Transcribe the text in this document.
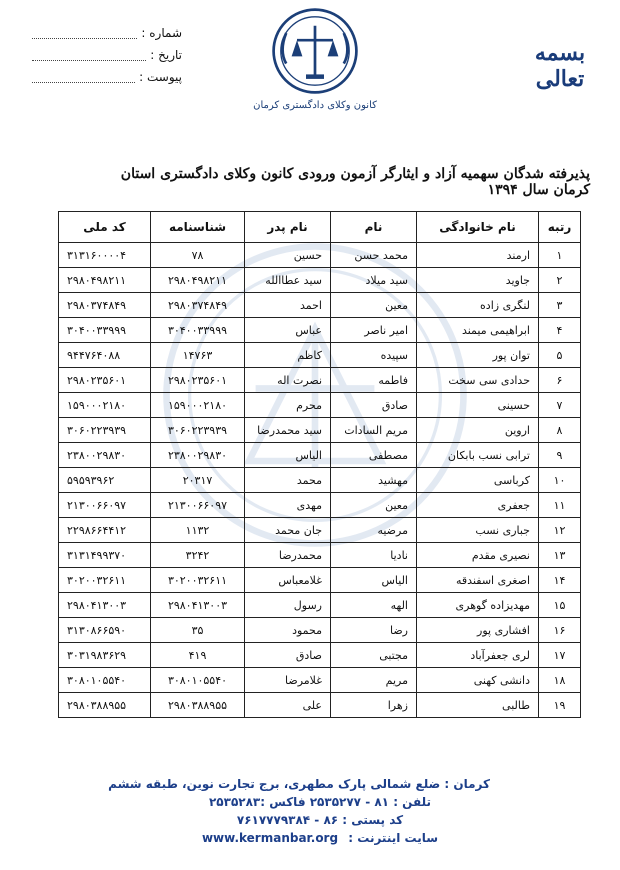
شماره :
تاریخ :
پیوست :
کانون وکلای دادگستری کرمان
بسمه تعالی
پذیرفته شدگان سهمیه آزاد و ایثارگر آزمون ورودی کانون وکلای دادگستری استان کرمان سال ۱۳۹۴
رتبه	نام خانوادگی	نام	نام پدر	شناسنامه	کد ملی
۱	ارمند	محمد حسن	حسین	۷۸	۳۱۳۱۶۰۰۰۰۴
۲	جاوید	سید میلاد	سید عطاالله	۲۹۸۰۴۹۸۲۱۱	۲۹۸۰۴۹۸۲۱۱
۳	لنگری زاده	معین	احمد	۲۹۸۰۳۷۴۸۴۹	۲۹۸۰۳۷۴۸۴۹
۴	ابراهیمی میمند	امیر ناصر	عباس	۳۰۴۰۰۳۳۹۹۹	۳۰۴۰۰۳۳۹۹۹
۵	توان پور	سپیده	کاظم	۱۴۷۶۳	۹۴۴۷۶۴۰۸۸
۶	حدادی سی سخت	فاطمه	نصرت اله	۲۹۸۰۲۳۵۶۰۱	۲۹۸۰۲۳۵۶۰۱
۷	حسینی	صادق	محرم	۱۵۹۰۰۰۲۱۸۰	۱۵۹۰۰۰۲۱۸۰
۸	اروین	مریم السادات	سید محمدرضا	۳۰۶۰۲۲۳۹۳۹	۳۰۶۰۲۲۳۹۳۹
۹	ترابی نسب بابکان	مصطفی	الیاس	۲۳۸۰۰۲۹۸۳۰	۲۳۸۰۰۲۹۸۳۰
۱۰	کرباسی	مهشید	محمد	۲۰۳۱۷	۵۹۵۹۳۹۶۲
۱۱	جعفری	معین	مهدی	۲۱۳۰۰۶۶۰۹۷	۲۱۳۰۰۶۶۰۹۷
۱۲	جباری نسب	مرضیه	جان محمد	۱۱۳۲	۲۲۹۸۶۶۴۴۱۲
۱۳	نصیری مقدم	نادیا	محمدرضا	۳۲۴۲	۳۱۳۱۴۹۹۳۷۰
۱۴	اصغری اسفندقه	الیاس	غلامعباس	۳۰۲۰۰۳۲۶۱۱	۳۰۲۰۰۳۲۶۱۱
۱۵	مهدیزاده گوهری	الهه	رسول	۲۹۸۰۴۱۳۰۰۳	۲۹۸۰۴۱۳۰۰۳
۱۶	افشاری پور	رضا	محمود	۳۵	۳۱۳۰۸۶۶۵۹۰
۱۷	لری جعفرآباد	مجتبی	صادق	۴۱۹	۳۰۳۱۹۸۳۶۲۹
۱۸	دانشی کهنی	مریم	غلامرضا	۳۰۸۰۱۰۵۵۴۰	۳۰۸۰۱۰۵۵۴۰
۱۹	طالبی	زهرا	علی	۲۹۸۰۳۸۸۹۵۵	۲۹۸۰۳۸۸۹۵۵
کرمان : ضلع شمالی پارک مطهری، برج تجارت نوین، طبقه ششم
تلفن : ۸۱ - ۲۵۳۵۲۷۷ فاکس :۲۵۳۵۲۸۳
کد پستی : ۸۶ - ۷۶۱۷۷۷۹۳۸۴
سایت اینترنت : www.kermanbar.org
